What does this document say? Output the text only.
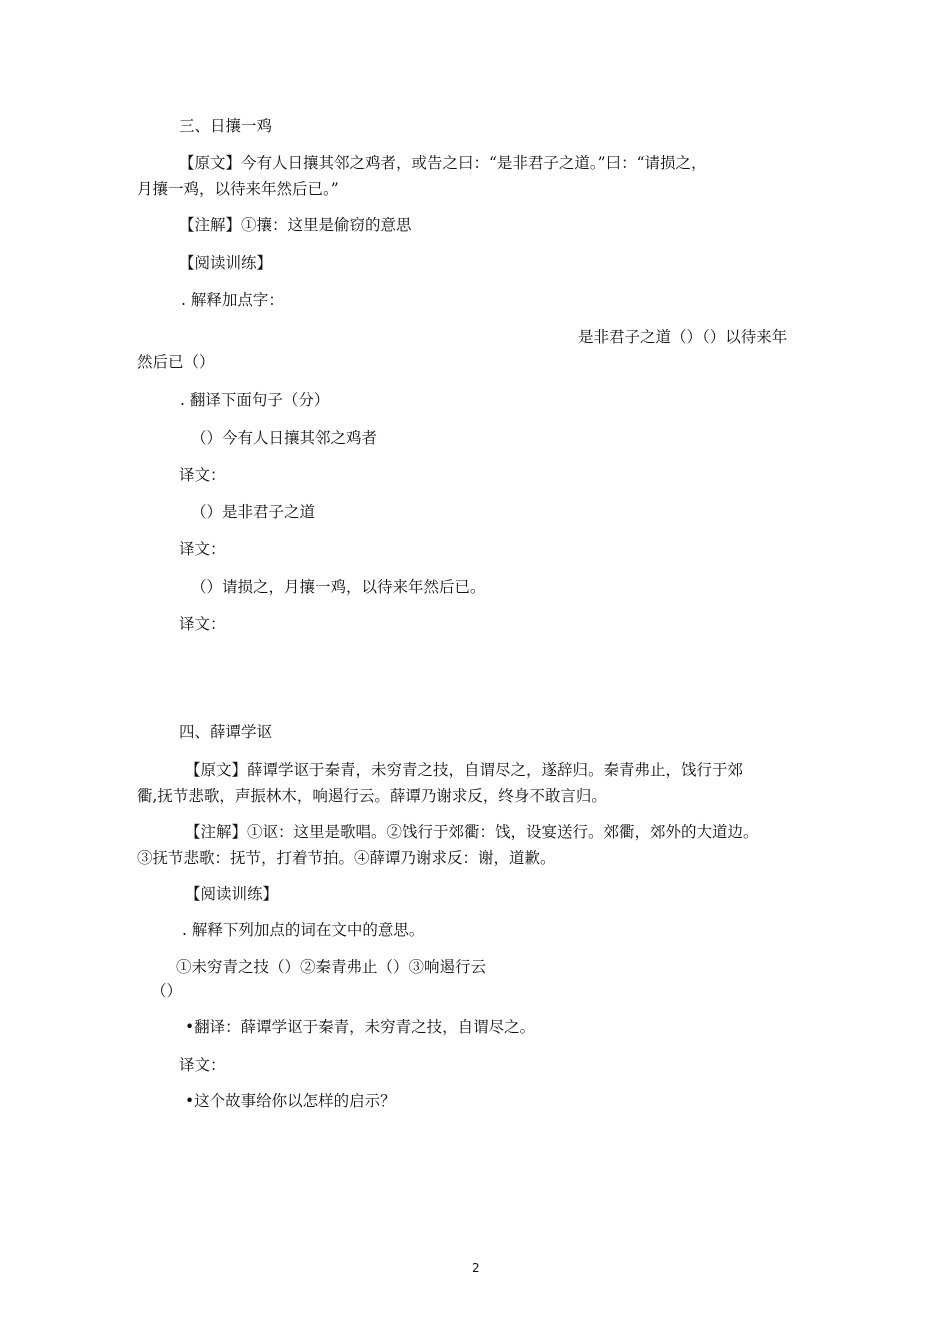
三、日攘一鸡
【原文】今有人日攘其邻之鸡者，或告之曰：“是非君子之道。”曰：“请损之，
月攘一鸡，以待来年然后已。”
【注解】①攘：这里是偷窃的意思
【阅读训练】
. 解释加点字：
是非君子之道（）（）以待来年
然后已（）
. 翻译下面句子（分）
（）今有人日攘其邻之鸡者
译文：
（）是非君子之道
译文：
（）请损之，月攘一鸡，以待来年然后已。
译文：
四、薛谭学讴
【原文】薛谭学讴于秦青，未穷青之技，自谓尽之，遂辞归。秦青弗止，饯行于郊
衢,抚节悲歌，声振林木，响遏行云。薛谭乃谢求反，终身不敢言归。
【注解】①讴：这里是歌唱。②饯行于郊衢：饯，设宴送行。郊衢，郊外的大道边。
③抚节悲歌：抚节，打着节拍。④薛谭乃谢求反：谢，道歉。
【阅读训练】
. 解释下列加点的词在文中的意思。
①未穷青之技（）②秦青弗止（）③响遏行云
（）
•翻译：薛谭学讴于秦青，未穷青之技，自谓尽之。
译文：
•这个故事给你以怎样的启示？
2
